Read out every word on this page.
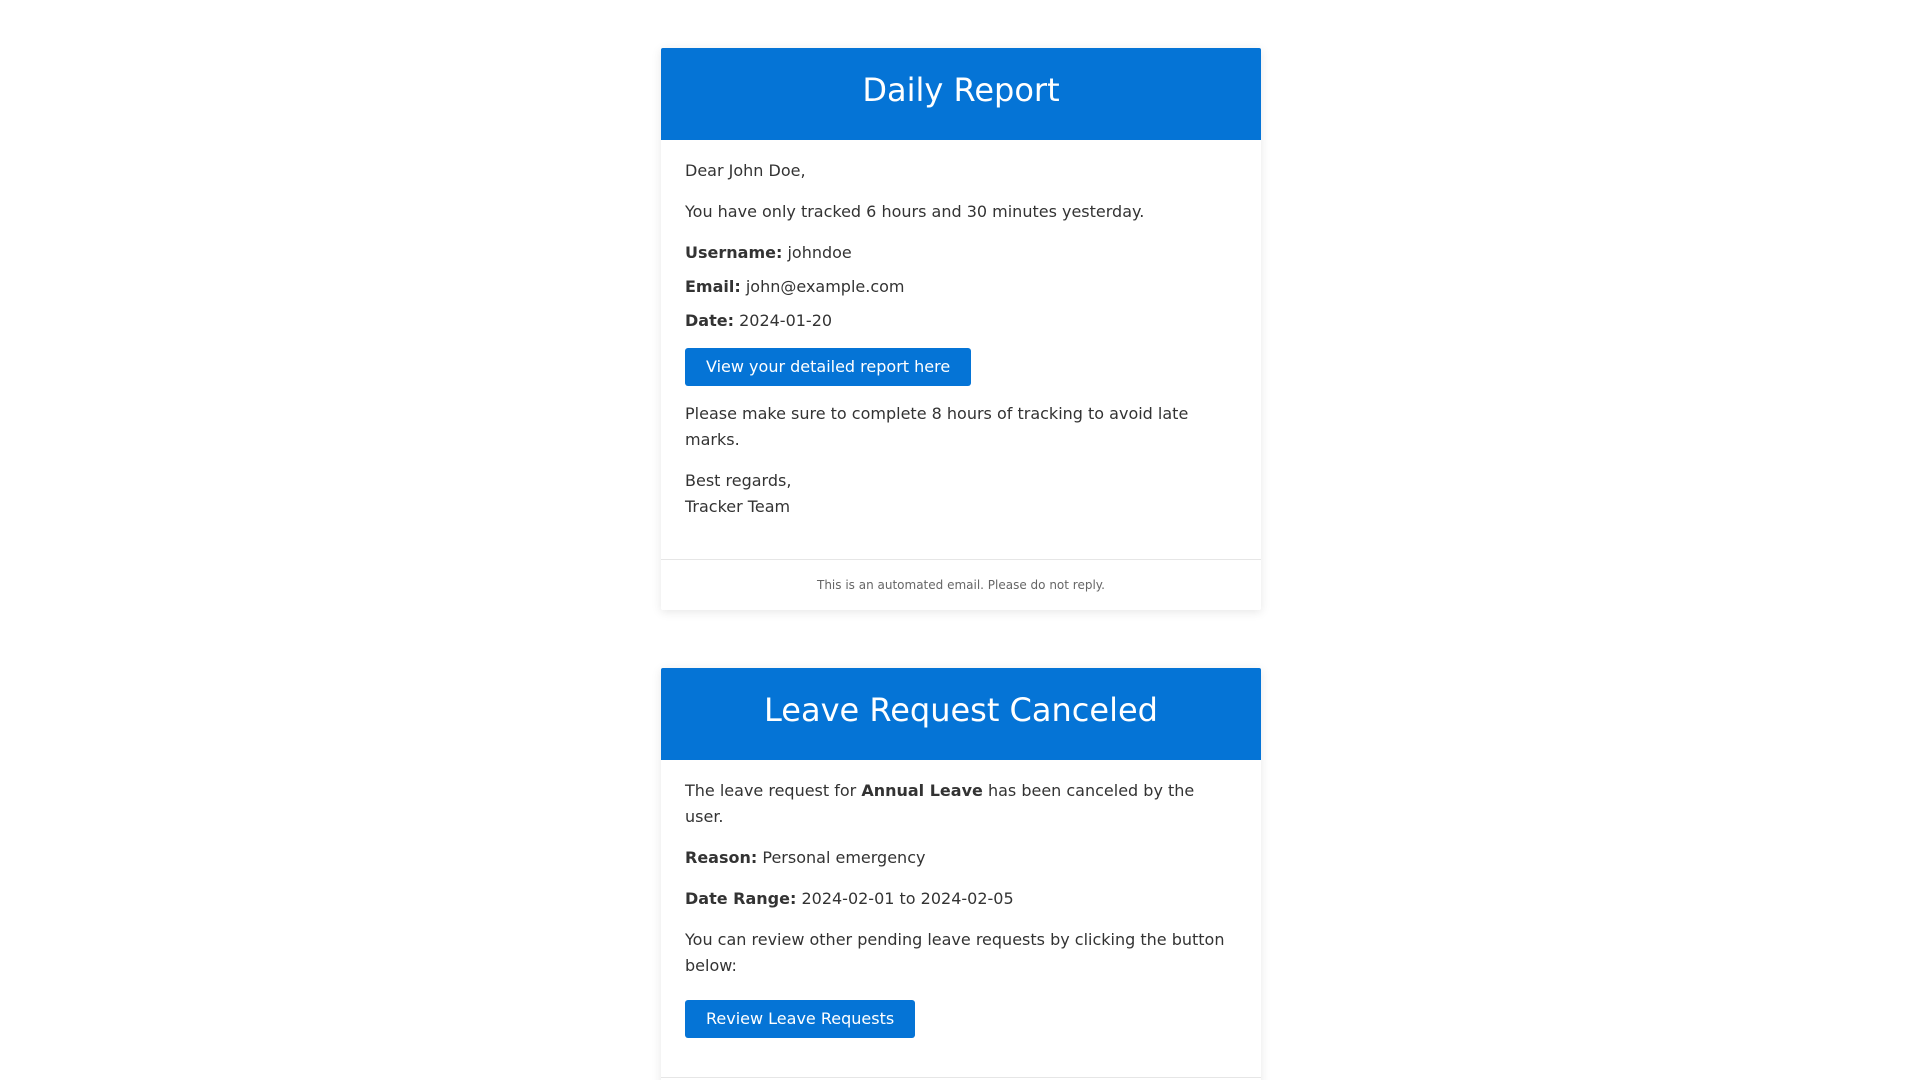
Daily Report

Dear John Doe,

You have only tracked 6 hours and 30 minutes yesterday.

Username: johndoe

Email: john@example.com

Date: 2024-01-20

View your detailed report here

Please make sure to complete 8 hours of tracking to avoid late marks.

Best regards,
Tracker Team

This is an automated email. Please do not reply.
Leave Request Canceled

The leave request for Annual Leave has been canceled by the user.

Reason: Personal emergency

Date Range: 2024-02-01 to 2024-02-05

You can review other pending leave requests by clicking the button below:

Review Leave Requests
